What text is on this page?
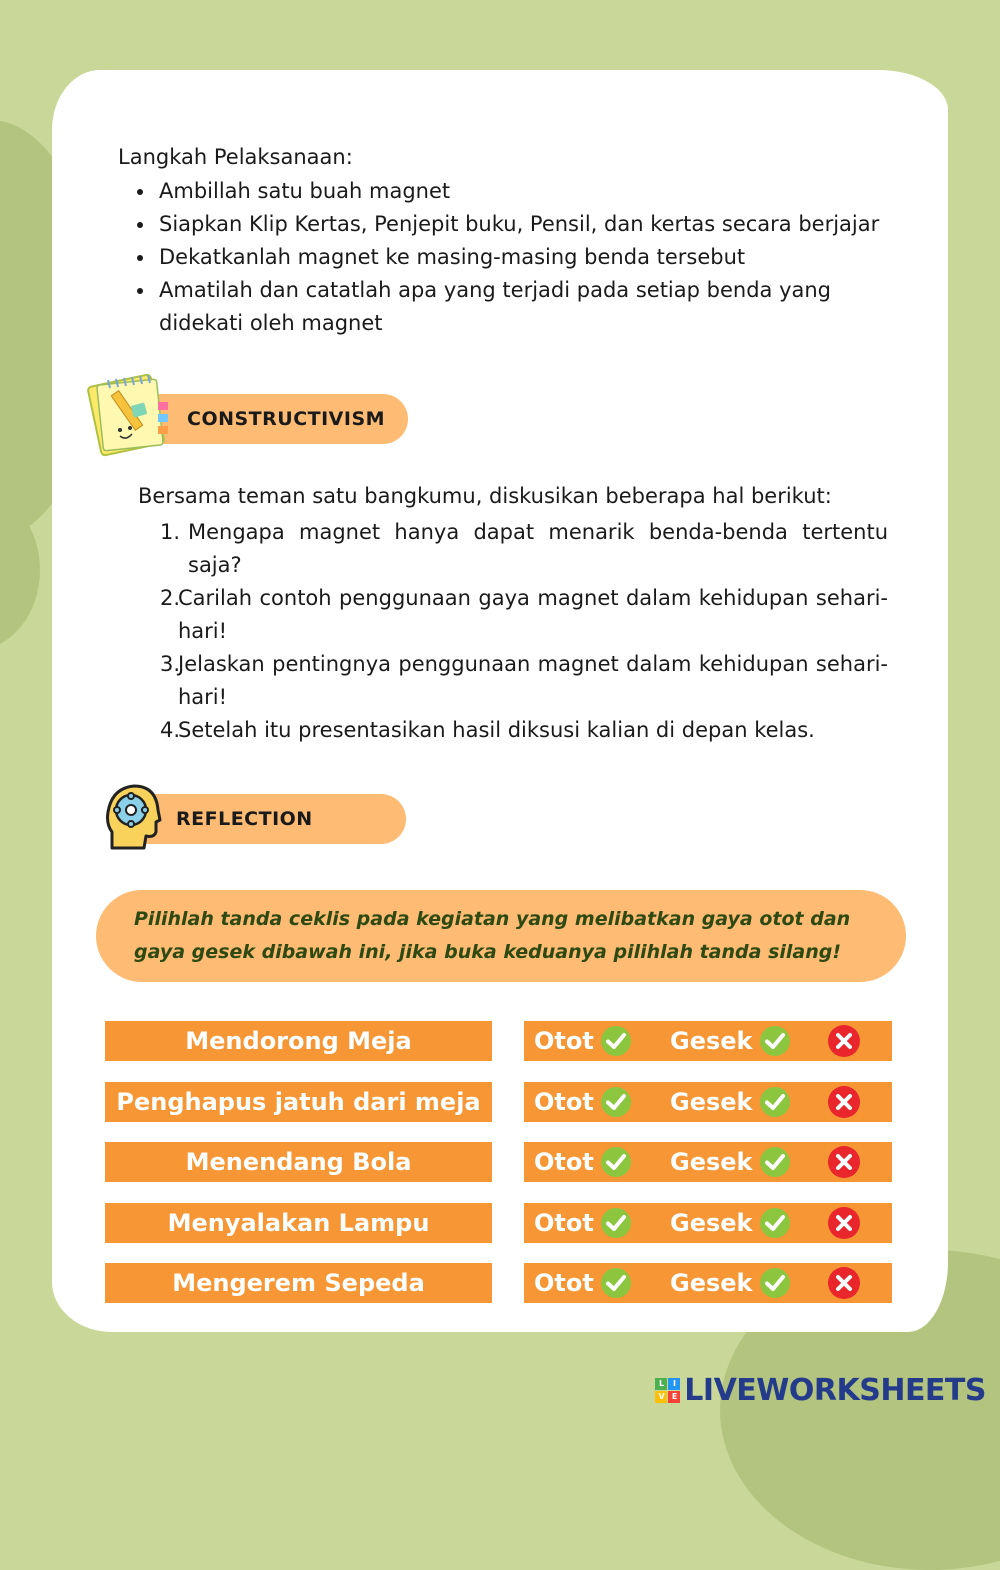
Langkah Pelaksanaan:
Ambillah satu buah magnet
Siapkan Klip Kertas, Penjepit buku, Pensil, dan kertas secara berjajar
Dekatkanlah magnet ke masing-masing benda tersebut
Amatilah dan catatlah apa yang terjadi pada setiap benda yang didekati oleh magnet
CONSTRUCTIVISM
Bersama teman satu bangkumu, diskusikan beberapa hal berikut:
1. Mengapa magnet hanya dapat menarik benda-benda tertentu saja?
2.
Carilah contoh penggunaan gaya magnet dalam kehidupan sehari-hari!
3.
Jelaskan pentingnya penggunaan magnet dalam kehidupan sehari-hari!
4.
Setelah itu presentasikan hasil diksusi kalian di depan kelas.
REFLECTION
Pilihlah tanda ceklis pada kegiatan yang melibatkan gaya otot dan gaya gesek dibawah ini, jika buka keduanya pilihlah tanda silang!
Mendorong Meja	Otot	Gesek
Penghapus jatuh dari meja	Otot	Gesek
Menendang Bola	Otot	Gesek
Menyalakan Lampu	Otot	Gesek
Mengerem Sepeda	Otot	Gesek
L	I
V E LIVEWORKSHEETS
